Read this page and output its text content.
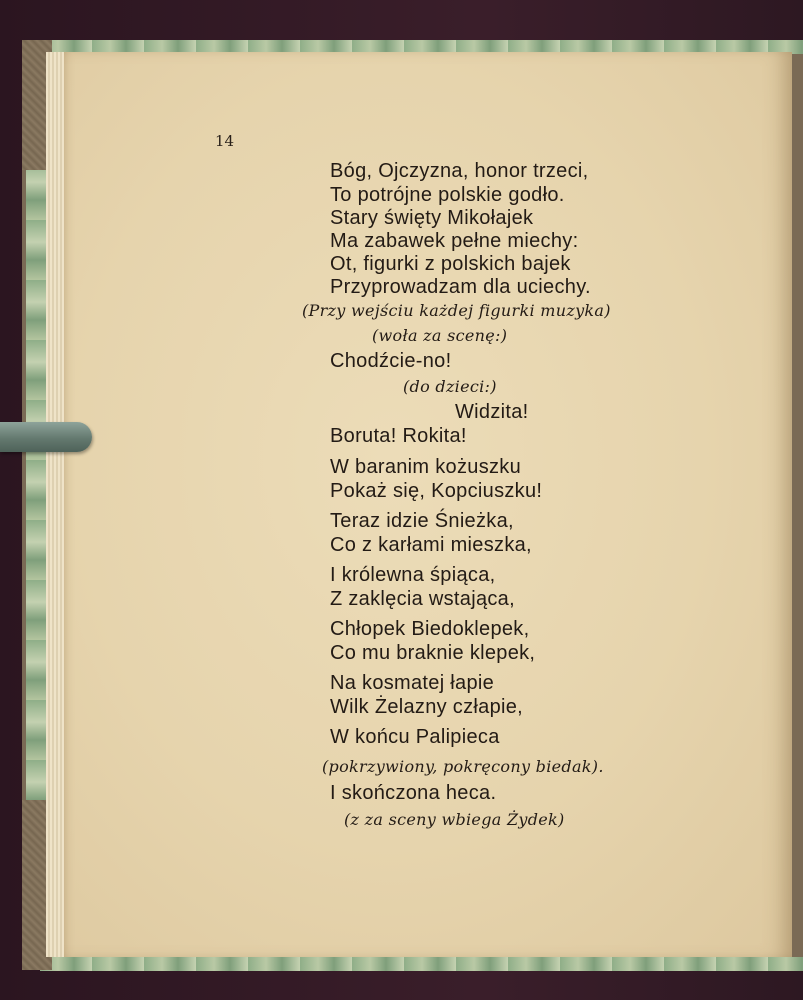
14
Bóg, Ojczyzna, honor trzeci,
To potrójne polskie godło.
Stary święty Mikołajek
Ma zabawek pełne miechy:
Ot, figurki z polskich bajek
Przyprowadzam dla uciechy.
(Przy wejściu każdej figurki muzyka)
(woła za scenę:)
Chodźcie-no!
(do dzieci:)
Widzita!
Boruta! Rokita!
W baranim kożuszku
Pokaż się, Kopciuszku!
Teraz idzie Śnieżka,
Co z karłami mieszka,
I królewna śpiąca,
Z zaklęcia wstająca,
Chłopek Biedoklepek,
Co mu braknie klepek,
Na kosmatej łapie
Wilk Żelazny człapie,
W końcu Palipieca
(pokrzywiony, pokręcony biedak).
I skończona heca.
(z za sceny wbiega Żydek)
